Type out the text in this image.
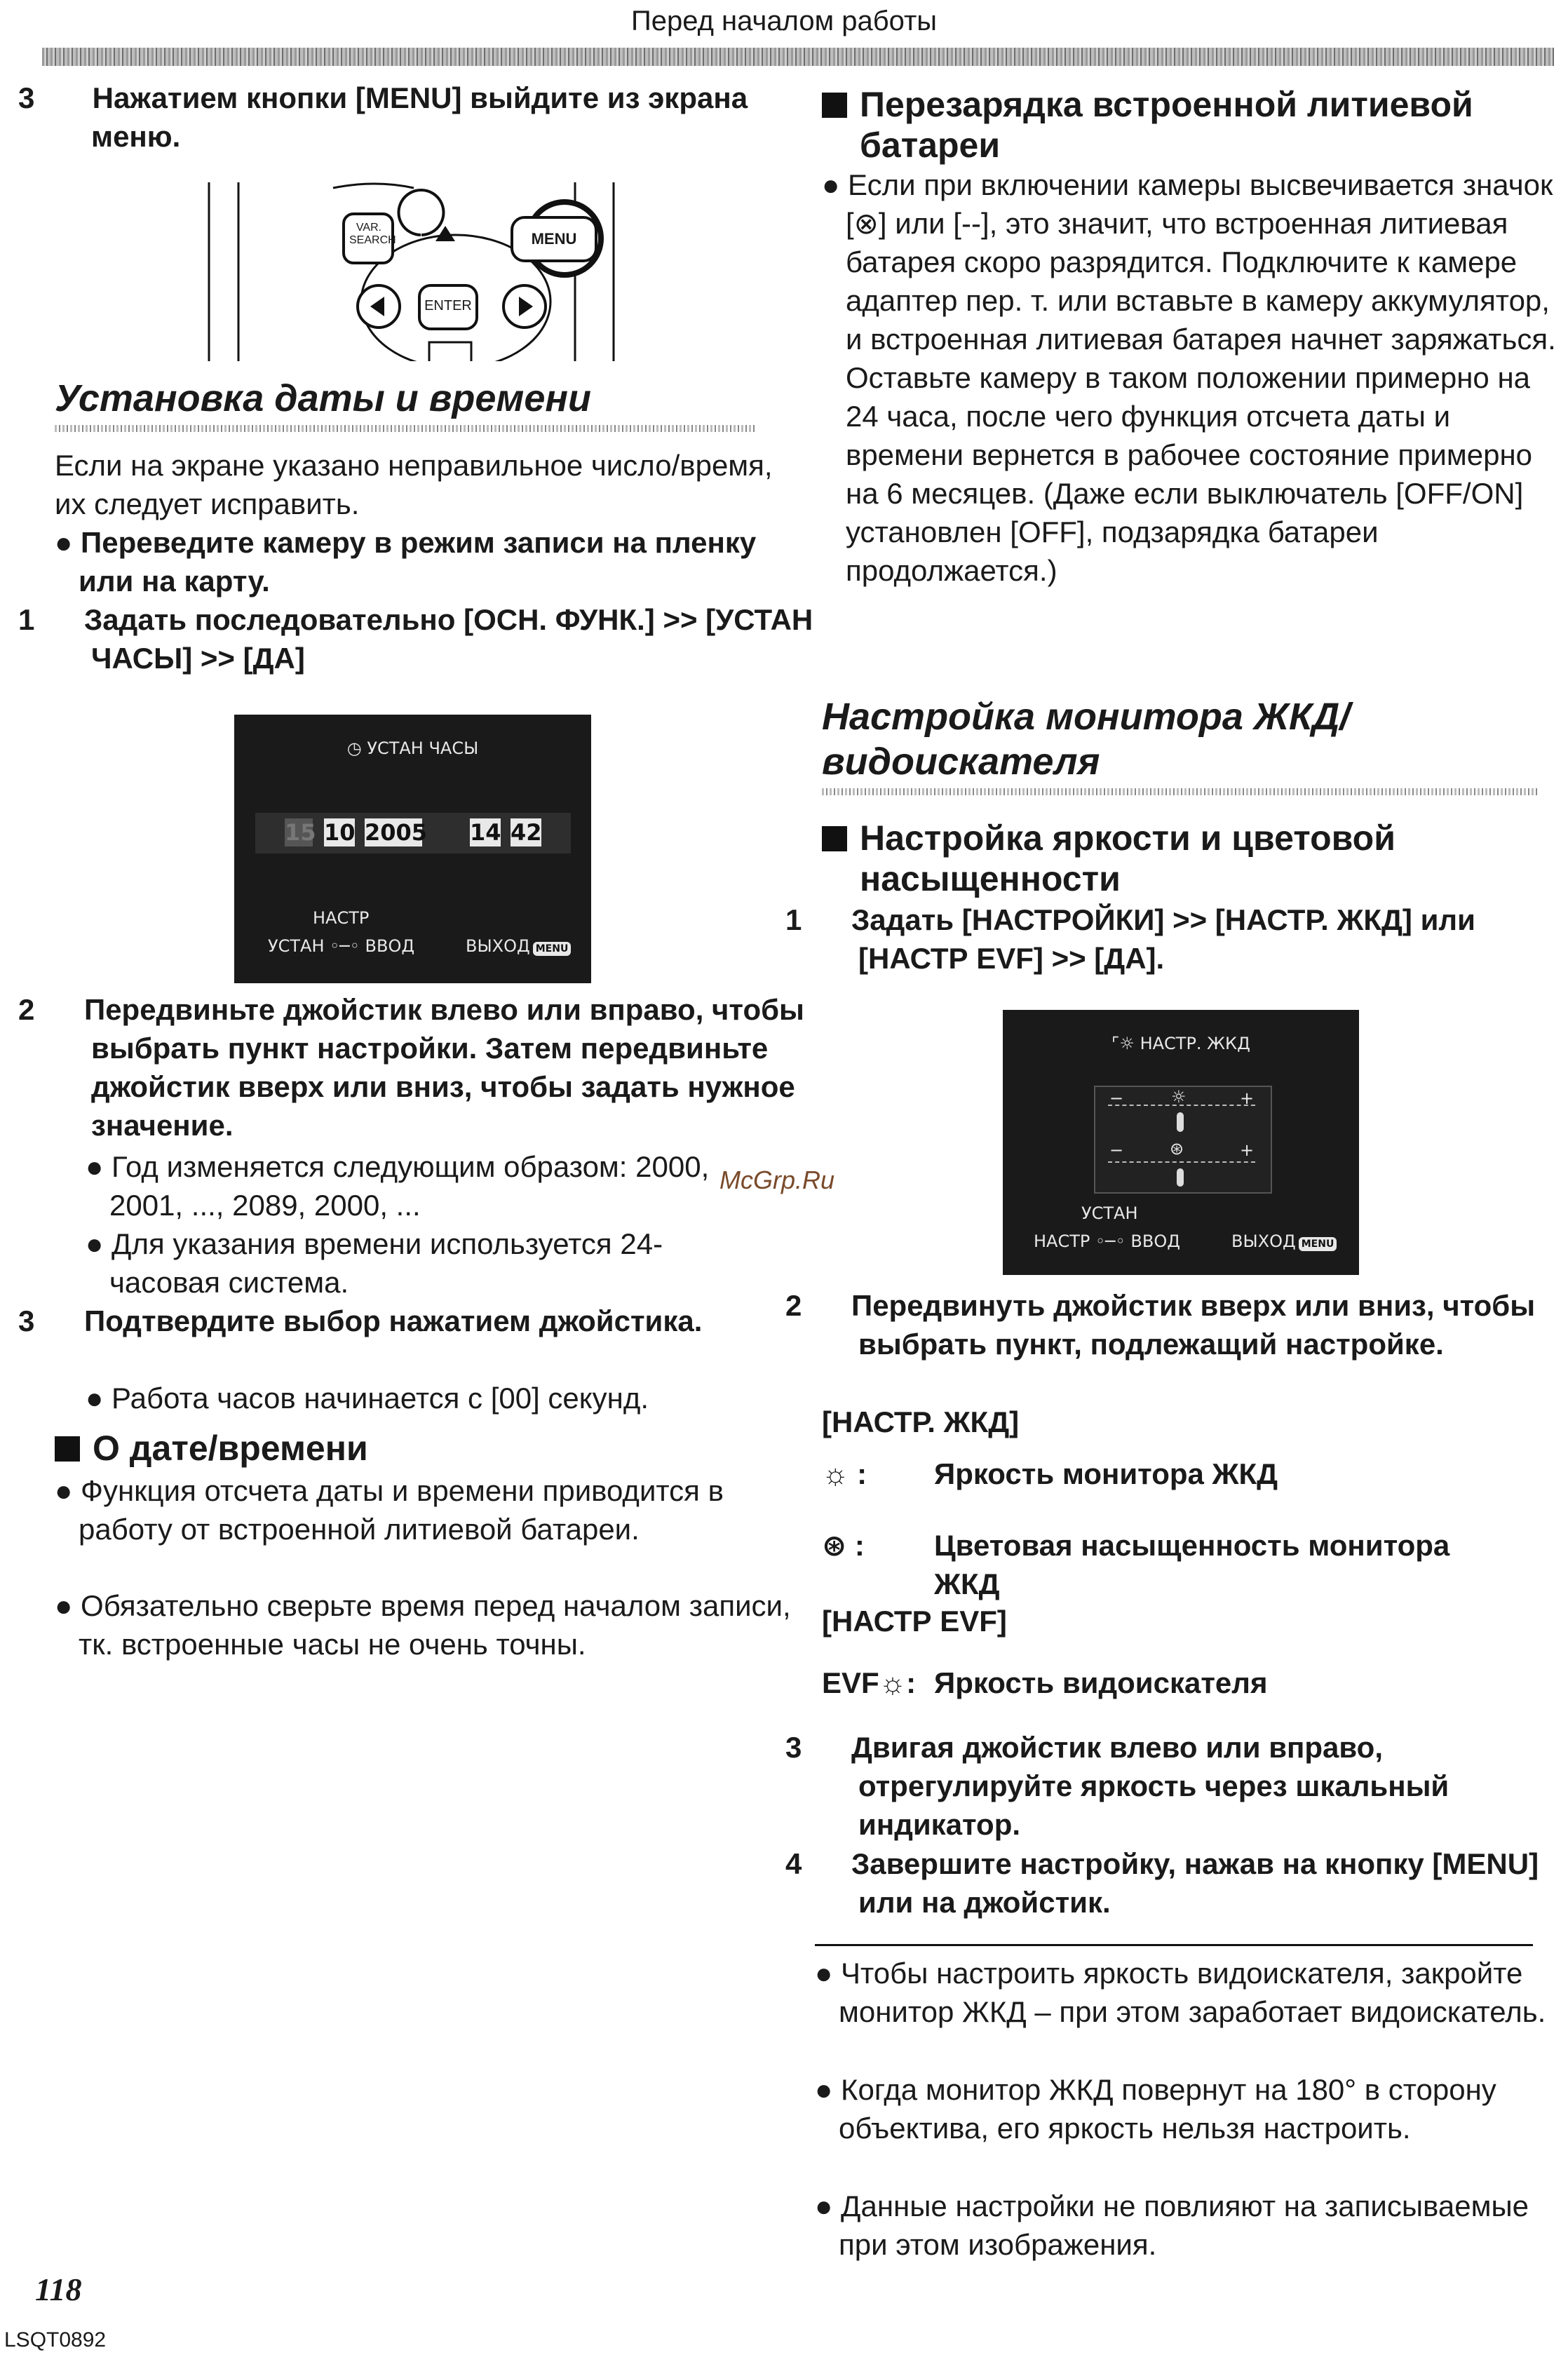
Перед началом работы
3 Нажатием кнопки [MENU] выйдите из экрана меню.
VAR.
SEARCH	MENU
ENTER
Установка даты и времени
Если на экране указано неправильное число/время, их следует исправить.
● Переведите камеру в режим записи на пленку или на карту.
1 Задать последовательно [ОСН. ФУНК.] >> [УСТАН ЧАСЫ] >> [ДА]
◷ УСТАН ЧАСЫ
15 10 2005 14 42
НАСТР
УСТАН ◦─◦ ВВОД	ВЫХОД MENU
2 Передвиньте джойстик влево или вправо, чтобы выбрать пункт настройки. Затем передвиньте джойстик вверх или вниз, чтобы задать нужное значение.
● Год изменяется следующим образом: 2000, 2001, ..., 2089, 2000, ...
● Для указания времени используется 24-часовая система.
3 Подтвердите выбор нажатием джойстика.
● Работа часов начинается с [00] секунд.
О дате/времени
● Функция отсчета даты и времени приводится в работу от встроенной литиевой батареи.
● Обязательно сверьте время перед началом записи, тк. встроенные часы не очень точны.
118
LSQT0892
Перезарядка встроенной литиевой батареи
● Если при включении камеры высвечивается значок [⊗] или [--], это значит, что встроенная литиевая батарея скоро разрядится. Подключите к камере адаптер пер. т. или вставьте в камеру аккумулятор, и встроенная литиевая батарея начнет заряжаться. Оставьте камеру в таком положении примерно на 24 часа, после чего функция отсчета даты и времени вернется в рабочее состояние примерно на 6 месяцев. (Даже если выключатель [OFF/ON] установлен [OFF], подзарядка батареи продолжается.)
Настройка монитора ЖКД/ видоискателя
Настройка яркости и цветовой насыщенности
1 Задать [НАСТРОЙКИ] >> [НАСТР. ЖКД] или [НАСТР EVF] >> [ДА].
⌜☼ НАСТР. ЖКД
−	☼	+
−	⊛	+
УСТАН
НАСТР ◦─◦ ВВОД	ВЫХОД MENU
McGrp.Ru
2 Передвинуть джойстик вверх или вниз, чтобы выбрать пункт, подлежащий настройке.
[НАСТР. ЖКД]
☼ : Яркость монитора ЖКД
⊛ :	Цветовая насыщенность монитора ЖКД
[НАСТР EVF]
EVF☼: Яркость видоискателя
3 Двигая джойстик влево или вправо, отрегулируйте яркость через шкальный индикатор.
4 Завершите настройку, нажав на кнопку [MENU] или на джойстик.
● Чтобы настроить яркость видоискателя, закройте монитор ЖКД – при этом заработает видоискатель.
● Когда монитор ЖКД повернут на 180° в сторону объектива, его яркость нельзя настроить.
● Данные настройки не повлияют на записываемые при этом изображения.
